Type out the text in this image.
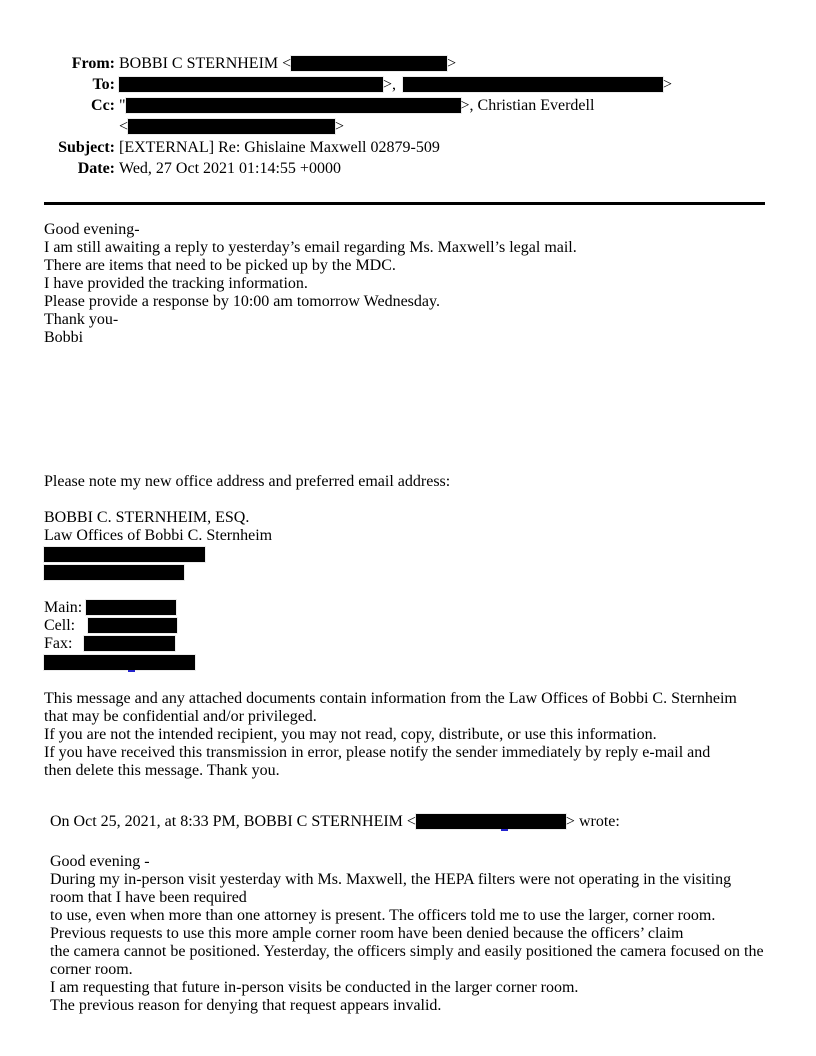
From: BOBBI C STERNHEIM <	>
To:	>,	>
Cc: "	>, Christian Everdell
<	>
Subject: [EXTERNAL] Re: Ghislaine Maxwell 02879-509
Date: Wed, 27 Oct 2021 01:14:55 +0000
Good evening-
I am still awaiting a reply to yesterday’s email regarding Ms. Maxwell’s legal mail.
There are items that need to be picked up by the MDC.
I have provided the tracking information.
Please provide a response by 10:00 am tomorrow Wednesday.
Thank you-
Bobbi
Please note my new office address and preferred email address:
BOBBI C. STERNHEIM, ESQ.
Law Offices of Bobbi C. Sternheim
Main:
Cell:
Fax:
This message and any attached documents contain information from the Law Offices of Bobbi C. Sternheim
that may be confidential and/or privileged.
If you are not the intended recipient, you may not read, copy, distribute, or use this information.
If you have received this transmission in error, please notify the sender immediately by reply e-mail and
then delete this message. Thank you.
On Oct 25, 2021, at 8:33 PM, BOBBI C STERNHEIM <	> wrote:
Good evening -
During my in-person visit yesterday with Ms. Maxwell, the HEPA filters were not operating in the visiting
room that I have been required
to use, even when more than one attorney is present. The officers told me to use the larger, corner room.
Previous requests to use this more ample corner room have been denied because the officers’ claim
the camera cannot be positioned. Yesterday, the officers simply and easily positioned the camera focused on the
corner room.
I am requesting that future in-person visits be conducted in the larger corner room.
The previous reason for denying that request appears invalid.
